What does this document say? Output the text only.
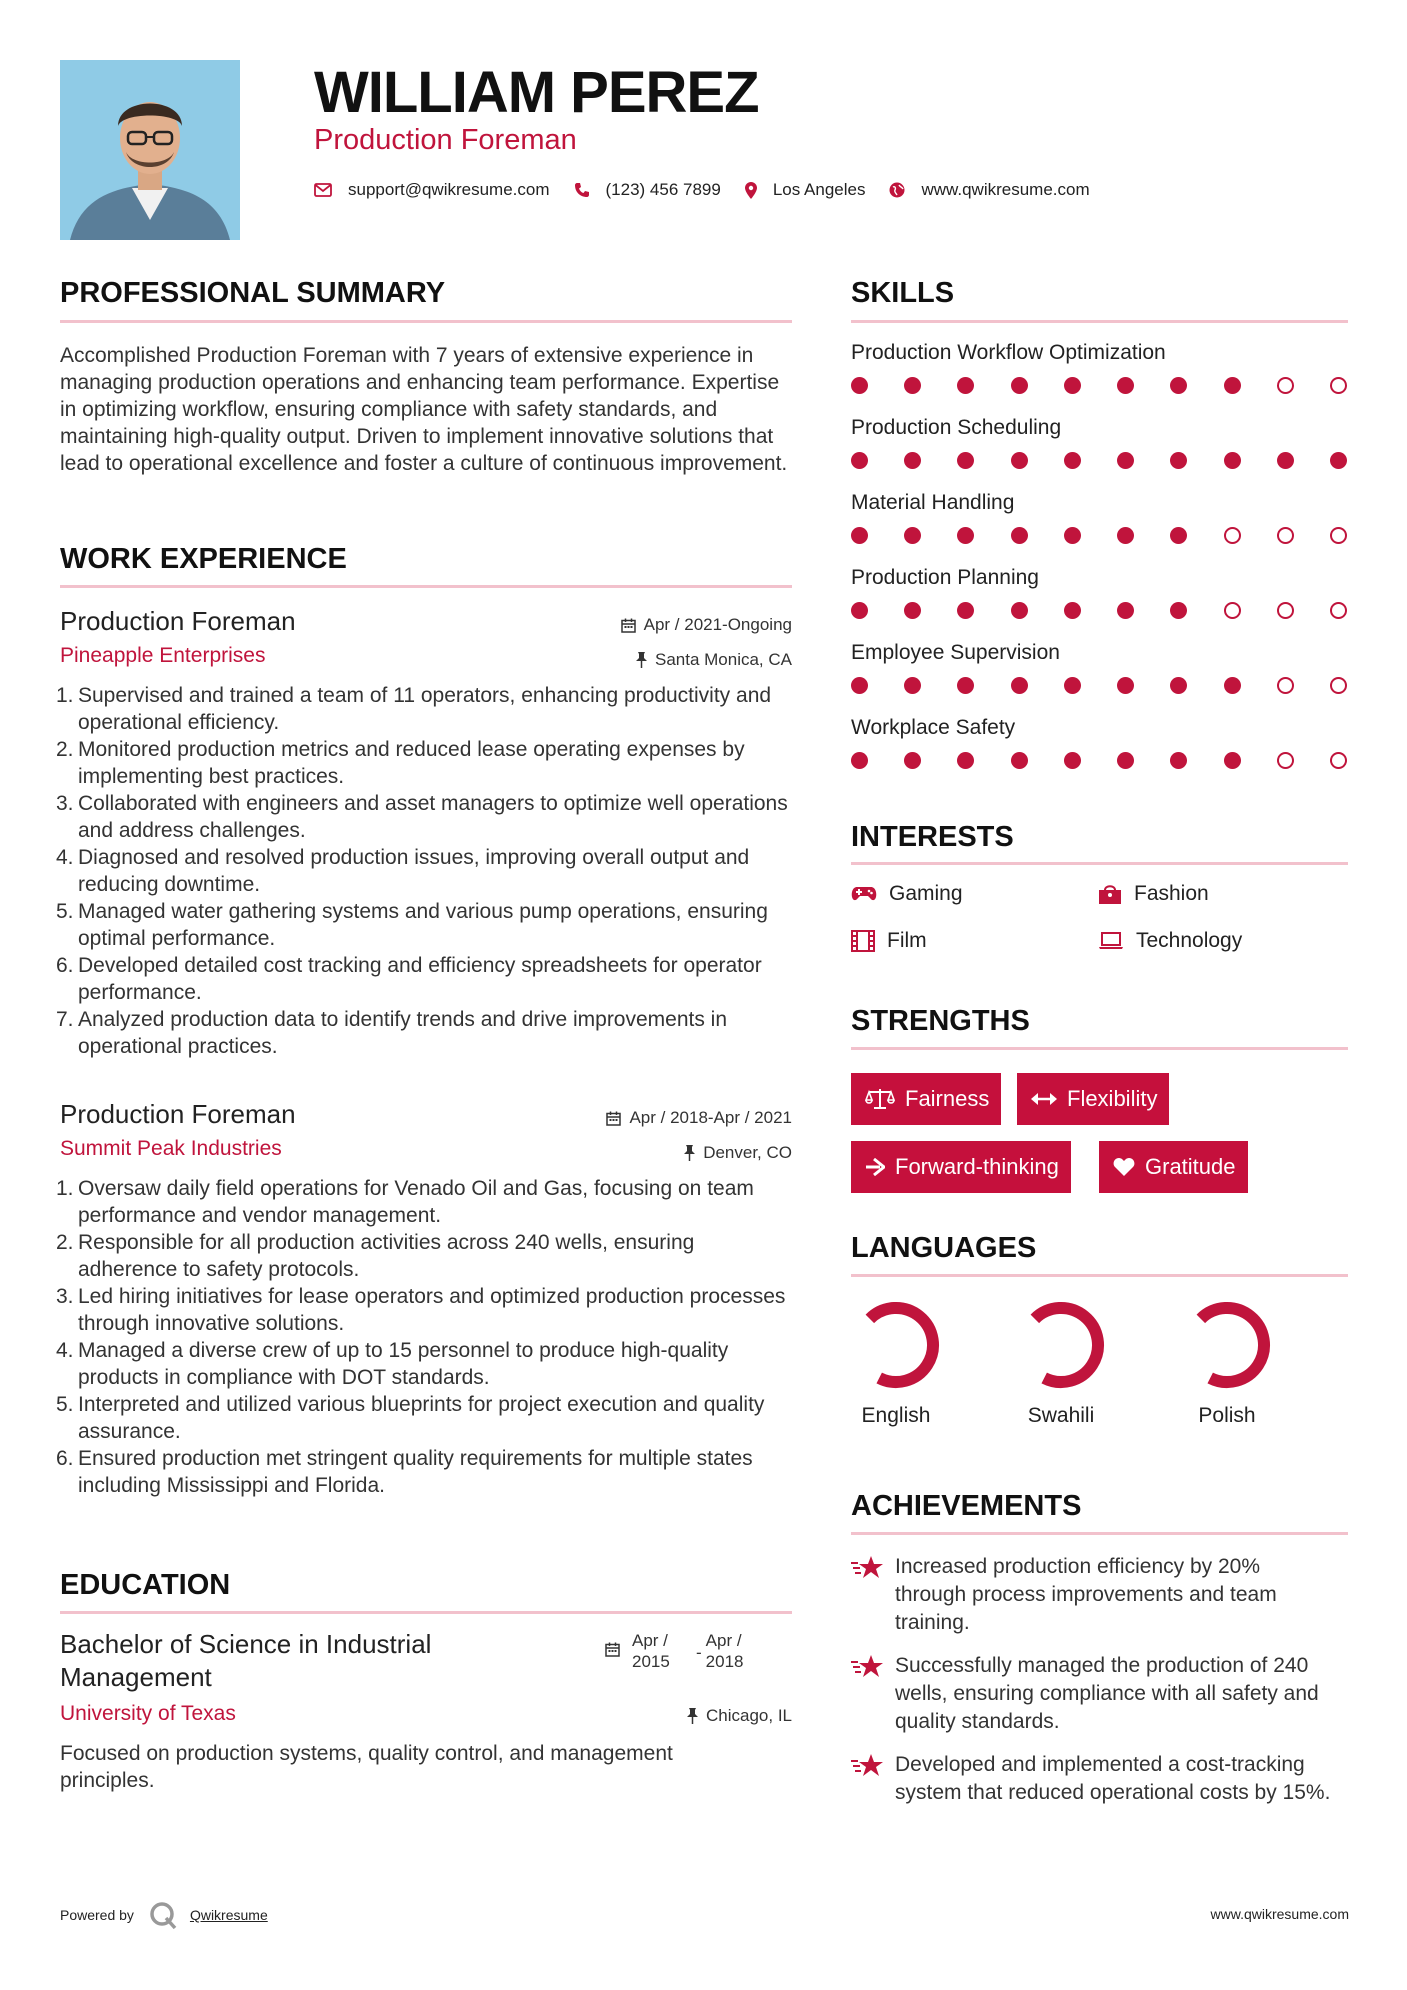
WILLIAM PEREZ
Production Foreman
support@qwikresume.com	(123) 456 7899	Los Angeles	www.qwikresume.com
PROFESSIONAL SUMMARY
Accomplished Production Foreman with 7 years of extensive experience in managing production operations and enhancing team performance. Expertise in optimizing workflow, ensuring compliance with safety standards, and maintaining high-quality output. Driven to implement innovative solutions that lead to operational excellence and foster a culture of continuous improvement.
WORK EXPERIENCE
Production Foreman
Pineapple Enterprises
Apr / 2021-Ongoing
Santa Monica, CA
1. Supervised and trained a team of 11 operators, enhancing productivity and operational efficiency.
2. Monitored production metrics and reduced lease operating expenses by implementing best practices.
3. Collaborated with engineers and asset managers to optimize well operations and address challenges.
4. Diagnosed and resolved production issues, improving overall output and reducing downtime.
5. Managed water gathering systems and various pump operations, ensuring optimal performance.
6. Developed detailed cost tracking and efficiency spreadsheets for operator performance.
7. Analyzed production data to identify trends and drive improvements in operational practices.
Production Foreman
Summit Peak Industries
Apr / 2018-Apr / 2021
Denver, CO
1. Oversaw daily field operations for Venado Oil and Gas, focusing on team performance and vendor management.
2. Responsible for all production activities across 240 wells, ensuring adherence to safety protocols.
3. Led hiring initiatives for lease operators and optimized production processes through innovative solutions.
4. Managed a diverse crew of up to 15 personnel to produce high-quality products in compliance with DOT standards.
5. Interpreted and utilized various blueprints for project execution and quality assurance.
6. Ensured production met stringent quality requirements for multiple states including Mississippi and Florida.
EDUCATION
Bachelor of Science in Industrial Management
University of Texas
Focused on production systems, quality control, and management principles.
Apr /
2015	-
Apr /
2018
Chicago, IL
SKILLS
Production Workflow Optimization
Production Scheduling
Material Handling
Production Planning
Employee Supervision
Workplace Safety
INTERESTS
Gaming	Fashion
Film	Technology
STRENGTHS
Fairness	Flexibility
Forward-thinking	Gratitude
LANGUAGES
English	Swahili	Polish
ACHIEVEMENTS
Increased production efficiency by 20% through process improvements and team training.
Successfully managed the production of 240 wells, ensuring compliance with all safety and quality standards.
Developed and implemented a cost-tracking system that reduced operational costs by 15%.
Powered by	Qwikresume	www.qwikresume.com
